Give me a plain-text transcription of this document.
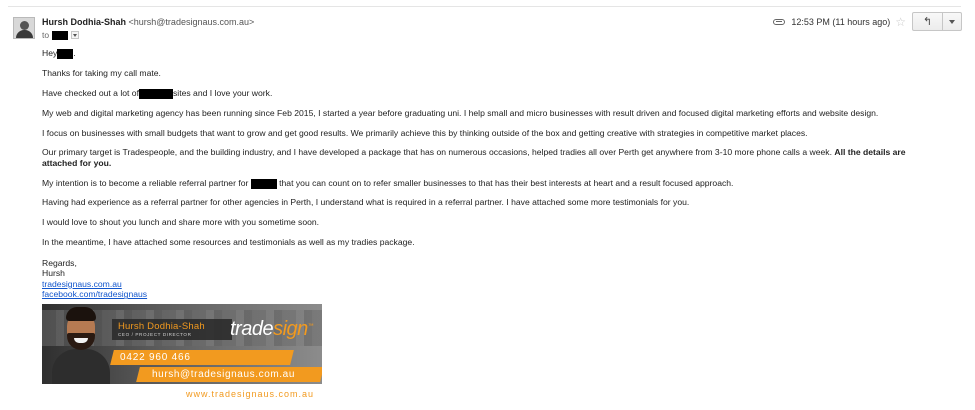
Hursh Dodhia-Shah <hursh@tradesignaus.com.au>
to
12:53 PM (11 hours ago) ☆ ↰
Hey .
Thanks for taking my call mate.
Have checked out a lot of	sites and I love your work.
My web and digital marketing agency has been running since Feb 2015, I started a year before graduating uni. I help small and micro businesses with result driven and focused digital marketing efforts and website design.
I focus on businesses with small budgets that want to grow and get good results. We primarily achieve this by thinking outside of the box and getting creative with strategies in competitive market places.
Our primary target is Tradespeople, and the building industry, and I have developed a package that has on numerous occasions, helped tradies all over Perth get anywhere from 3-10 more phone calls a week. All the details are attached for you.
My intention is to become a reliable referral partner for	that you can count on to refer smaller businesses to that has their best interests at heart and a result focused approach.
Having had experience as a referral partner for other agencies in Perth, I understand what is required in a referral partner. I have attached some more testimonials for you.
I would love to shout you lunch and share more with you sometime soon.
In the meantime, I have attached some resources and testimonials as well as my tradies package.
Regards,
Hursh
tradesignaus.com.au
facebook.com/tradesignaus
Hursh Dodhia-Shah
CEO / PROJECT DIRECTOR tradesign™
0422 960 466
hursh@tradesignaus.com.au
www.tradesignaus.com.au
